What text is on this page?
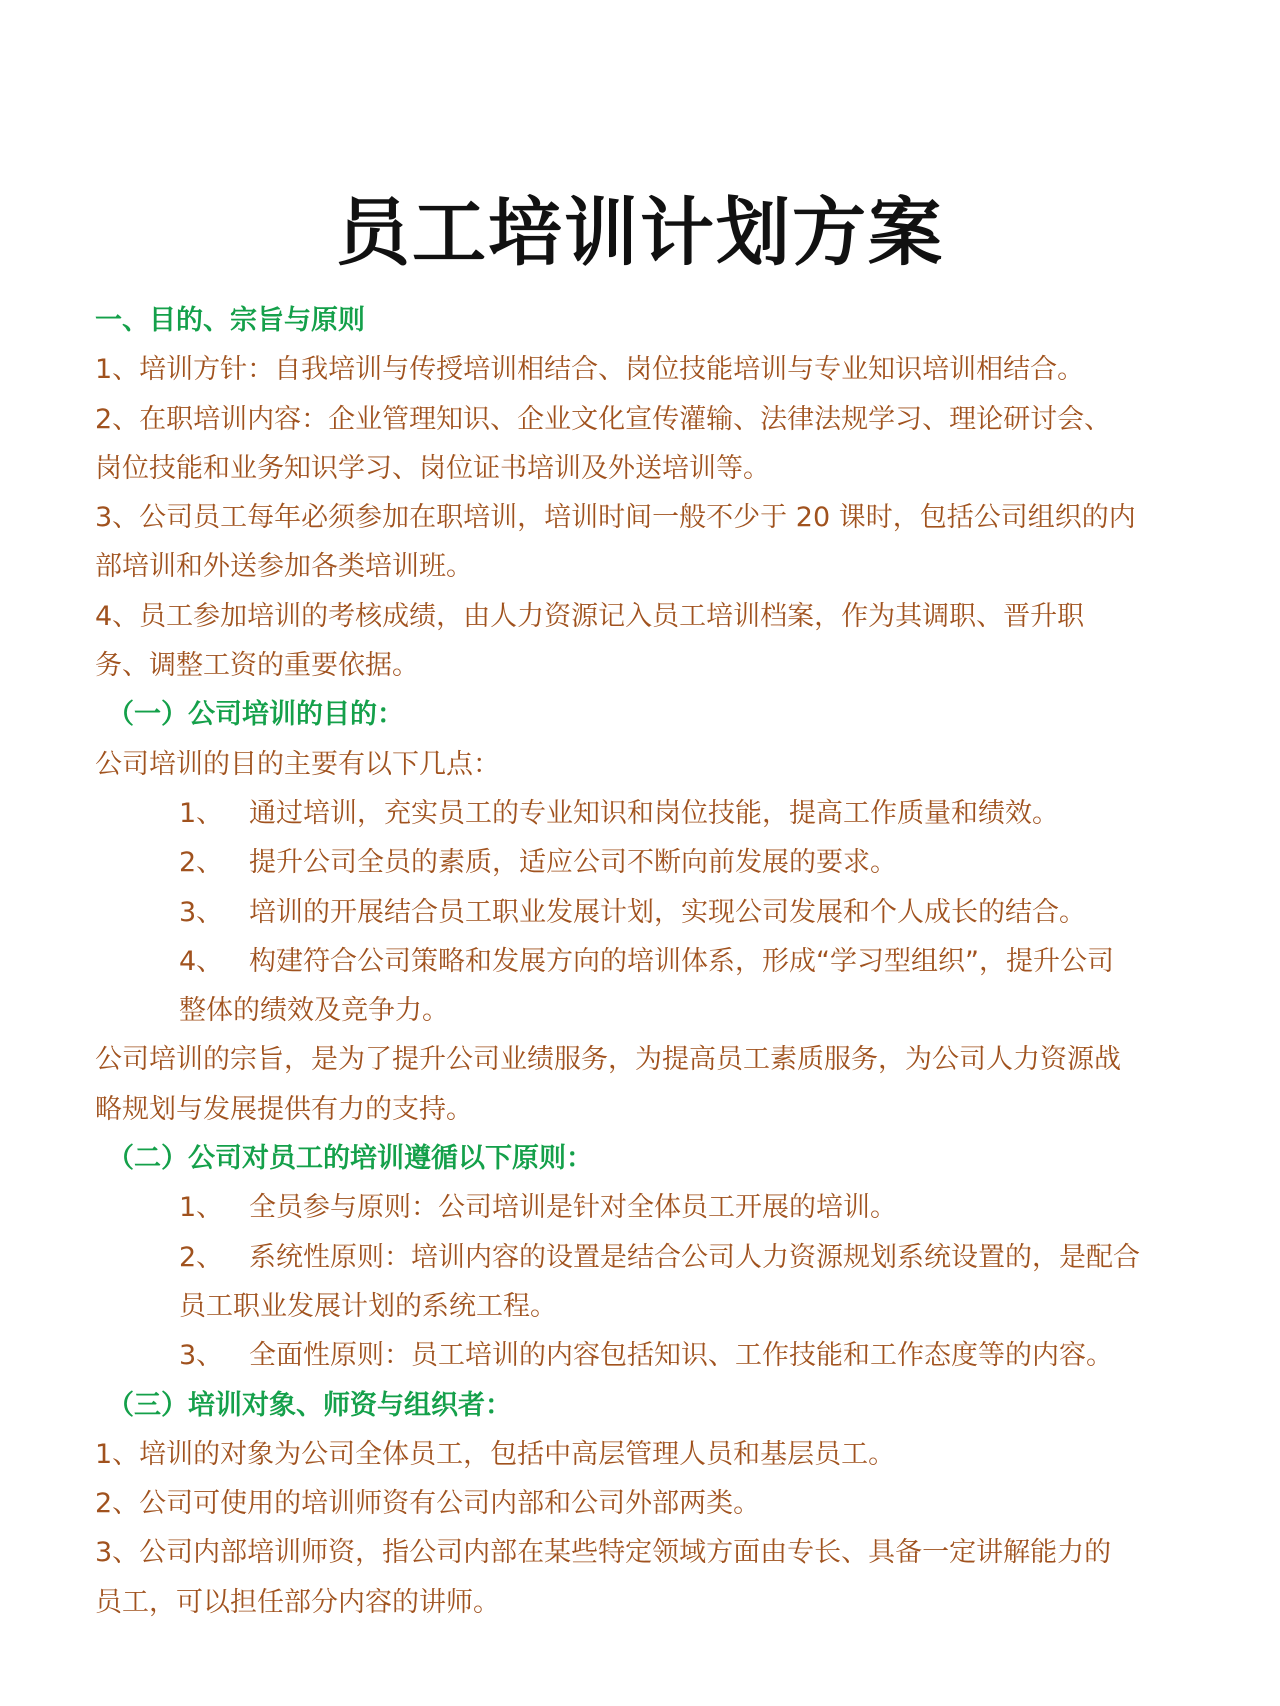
员工培训计划方案
一、目的、宗旨与原则
1、培训方针：自我培训与传授培训相结合、岗位技能培训与专业知识培训相结合。
2、在职培训内容：企业管理知识、企业文化宣传灌输、法律法规学习、理论研讨会、
岗位技能和业务知识学习、岗位证书培训及外送培训等。
3、公司员工每年必须参加在职培训，培训时间一般不少于 20 课时，包括公司组织的内
部培训和外送参加各类培训班。
4、员工参加培训的考核成绩，由人力资源记入员工培训档案，作为其调职、晋升职
务、调整工资的重要依据。
（一）公司培训的目的：
公司培训的目的主要有以下几点：
1、 通过培训，充实员工的专业知识和岗位技能，提高工作质量和绩效。
2、 提升公司全员的素质，适应公司不断向前发展的要求。
3、 培训的开展结合员工职业发展计划，实现公司发展和个人成长的结合。
4、 构建符合公司策略和发展方向的培训体系，形成“学习型组织”，提升公司
整体的绩效及竞争力。
公司培训的宗旨，是为了提升公司业绩服务，为提高员工素质服务，为公司人力资源战
略规划与发展提供有力的支持。
（二）公司对员工的培训遵循以下原则：
1、 全员参与原则：公司培训是针对全体员工开展的培训。
2、 系统性原则：培训内容的设置是结合公司人力资源规划系统设置的，是配合
员工职业发展计划的系统工程。
3、 全面性原则：员工培训的内容包括知识、工作技能和工作态度等的内容。
（三）培训对象、师资与组织者：
1、培训的对象为公司全体员工，包括中高层管理人员和基层员工。
2、公司可使用的培训师资有公司内部和公司外部两类。
3、公司内部培训师资，指公司内部在某些特定领域方面由专长、具备一定讲解能力的
员工，可以担任部分内容的讲师。
